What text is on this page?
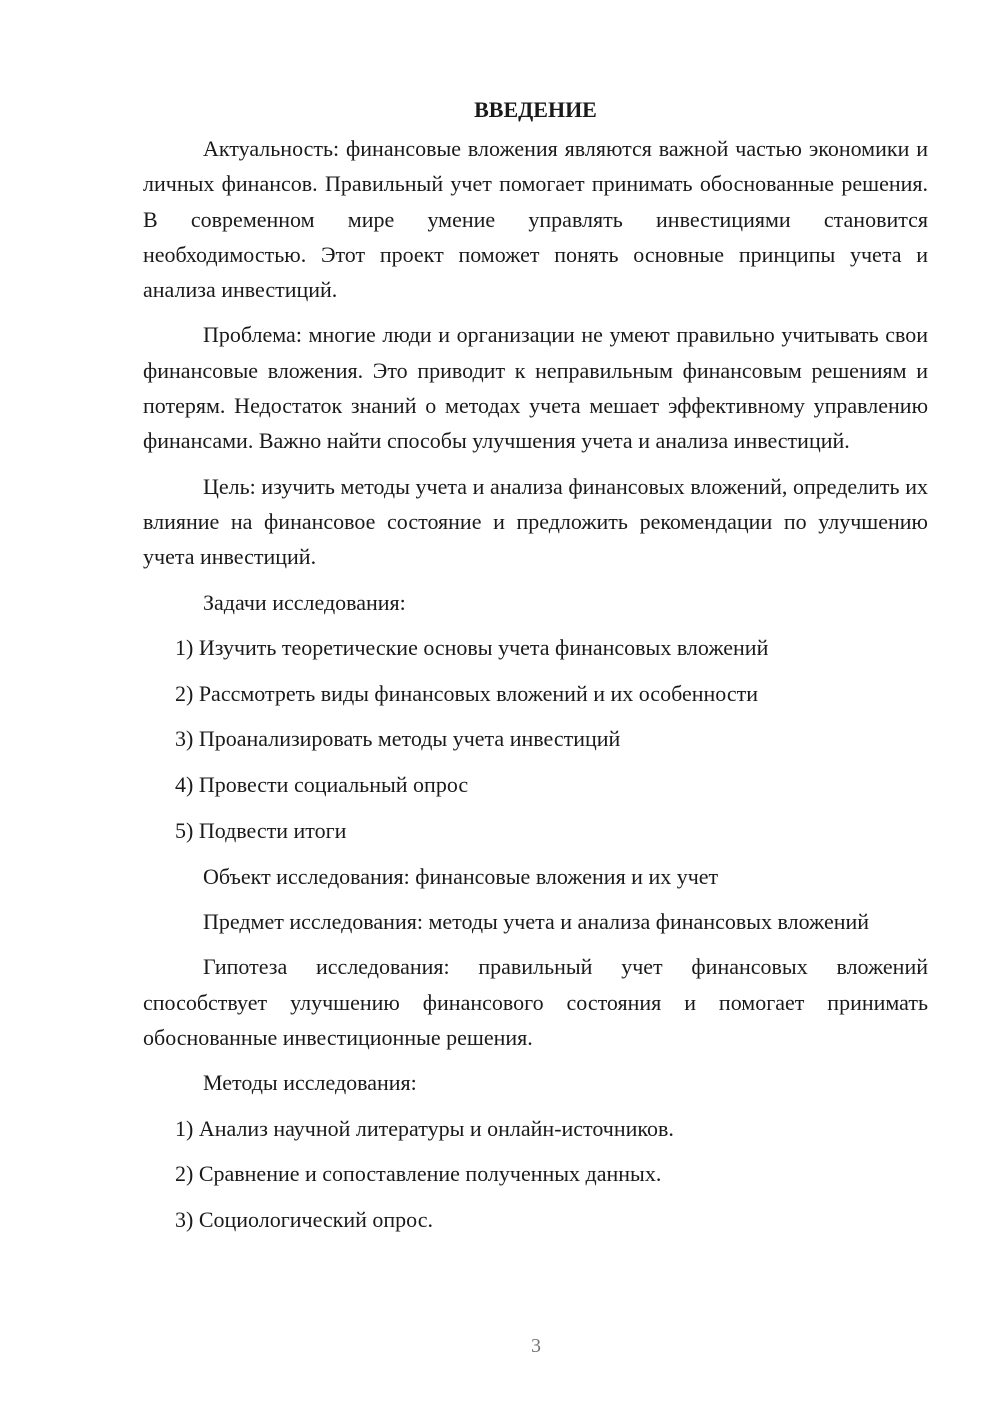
ВВЕДЕНИЕ

Актуальность: финансовые вложения являются важной частью экономики и личных финансов. Правильный учет помогает принимать обоснованные решения. В современном мире умение управлять инвестициями становится необходимостью. Этот проект поможет понять основные принципы учета и анализа инвестиций.

Проблема: многие люди и организации не умеют правильно учитывать свои финансовые вложения. Это приводит к неправильным финансовым решениям и потерям. Недостаток знаний о методах учета мешает эффективному управлению финансами. Важно найти способы улучшения учета и анализа инвестиций.

Цель: изучить методы учета и анализа финансовых вложений, определить их влияние на финансовое состояние и предложить рекомендации по улучшению учета инвестиций.

Задачи исследования:

1) Изучить теоретические основы учета финансовых вложений
2) Рассмотреть виды финансовых вложений и их особенности
3) Проанализировать методы учета инвестиций
4) Провести социальный опрос
5) Подвести итоги

Объект исследования: финансовые вложения и их учет

Предмет исследования: методы учета и анализа финансовых вложений

Гипотеза исследования: правильный учет финансовых вложений способствует улучшению финансового состояния и помогает принимать обоснованные инвестиционные решения.

Методы исследования:

1) Анализ научной литературы и онлайн-источников.
2) Сравнение и сопоставление полученных данных.
3) Социологический опрос.
3
